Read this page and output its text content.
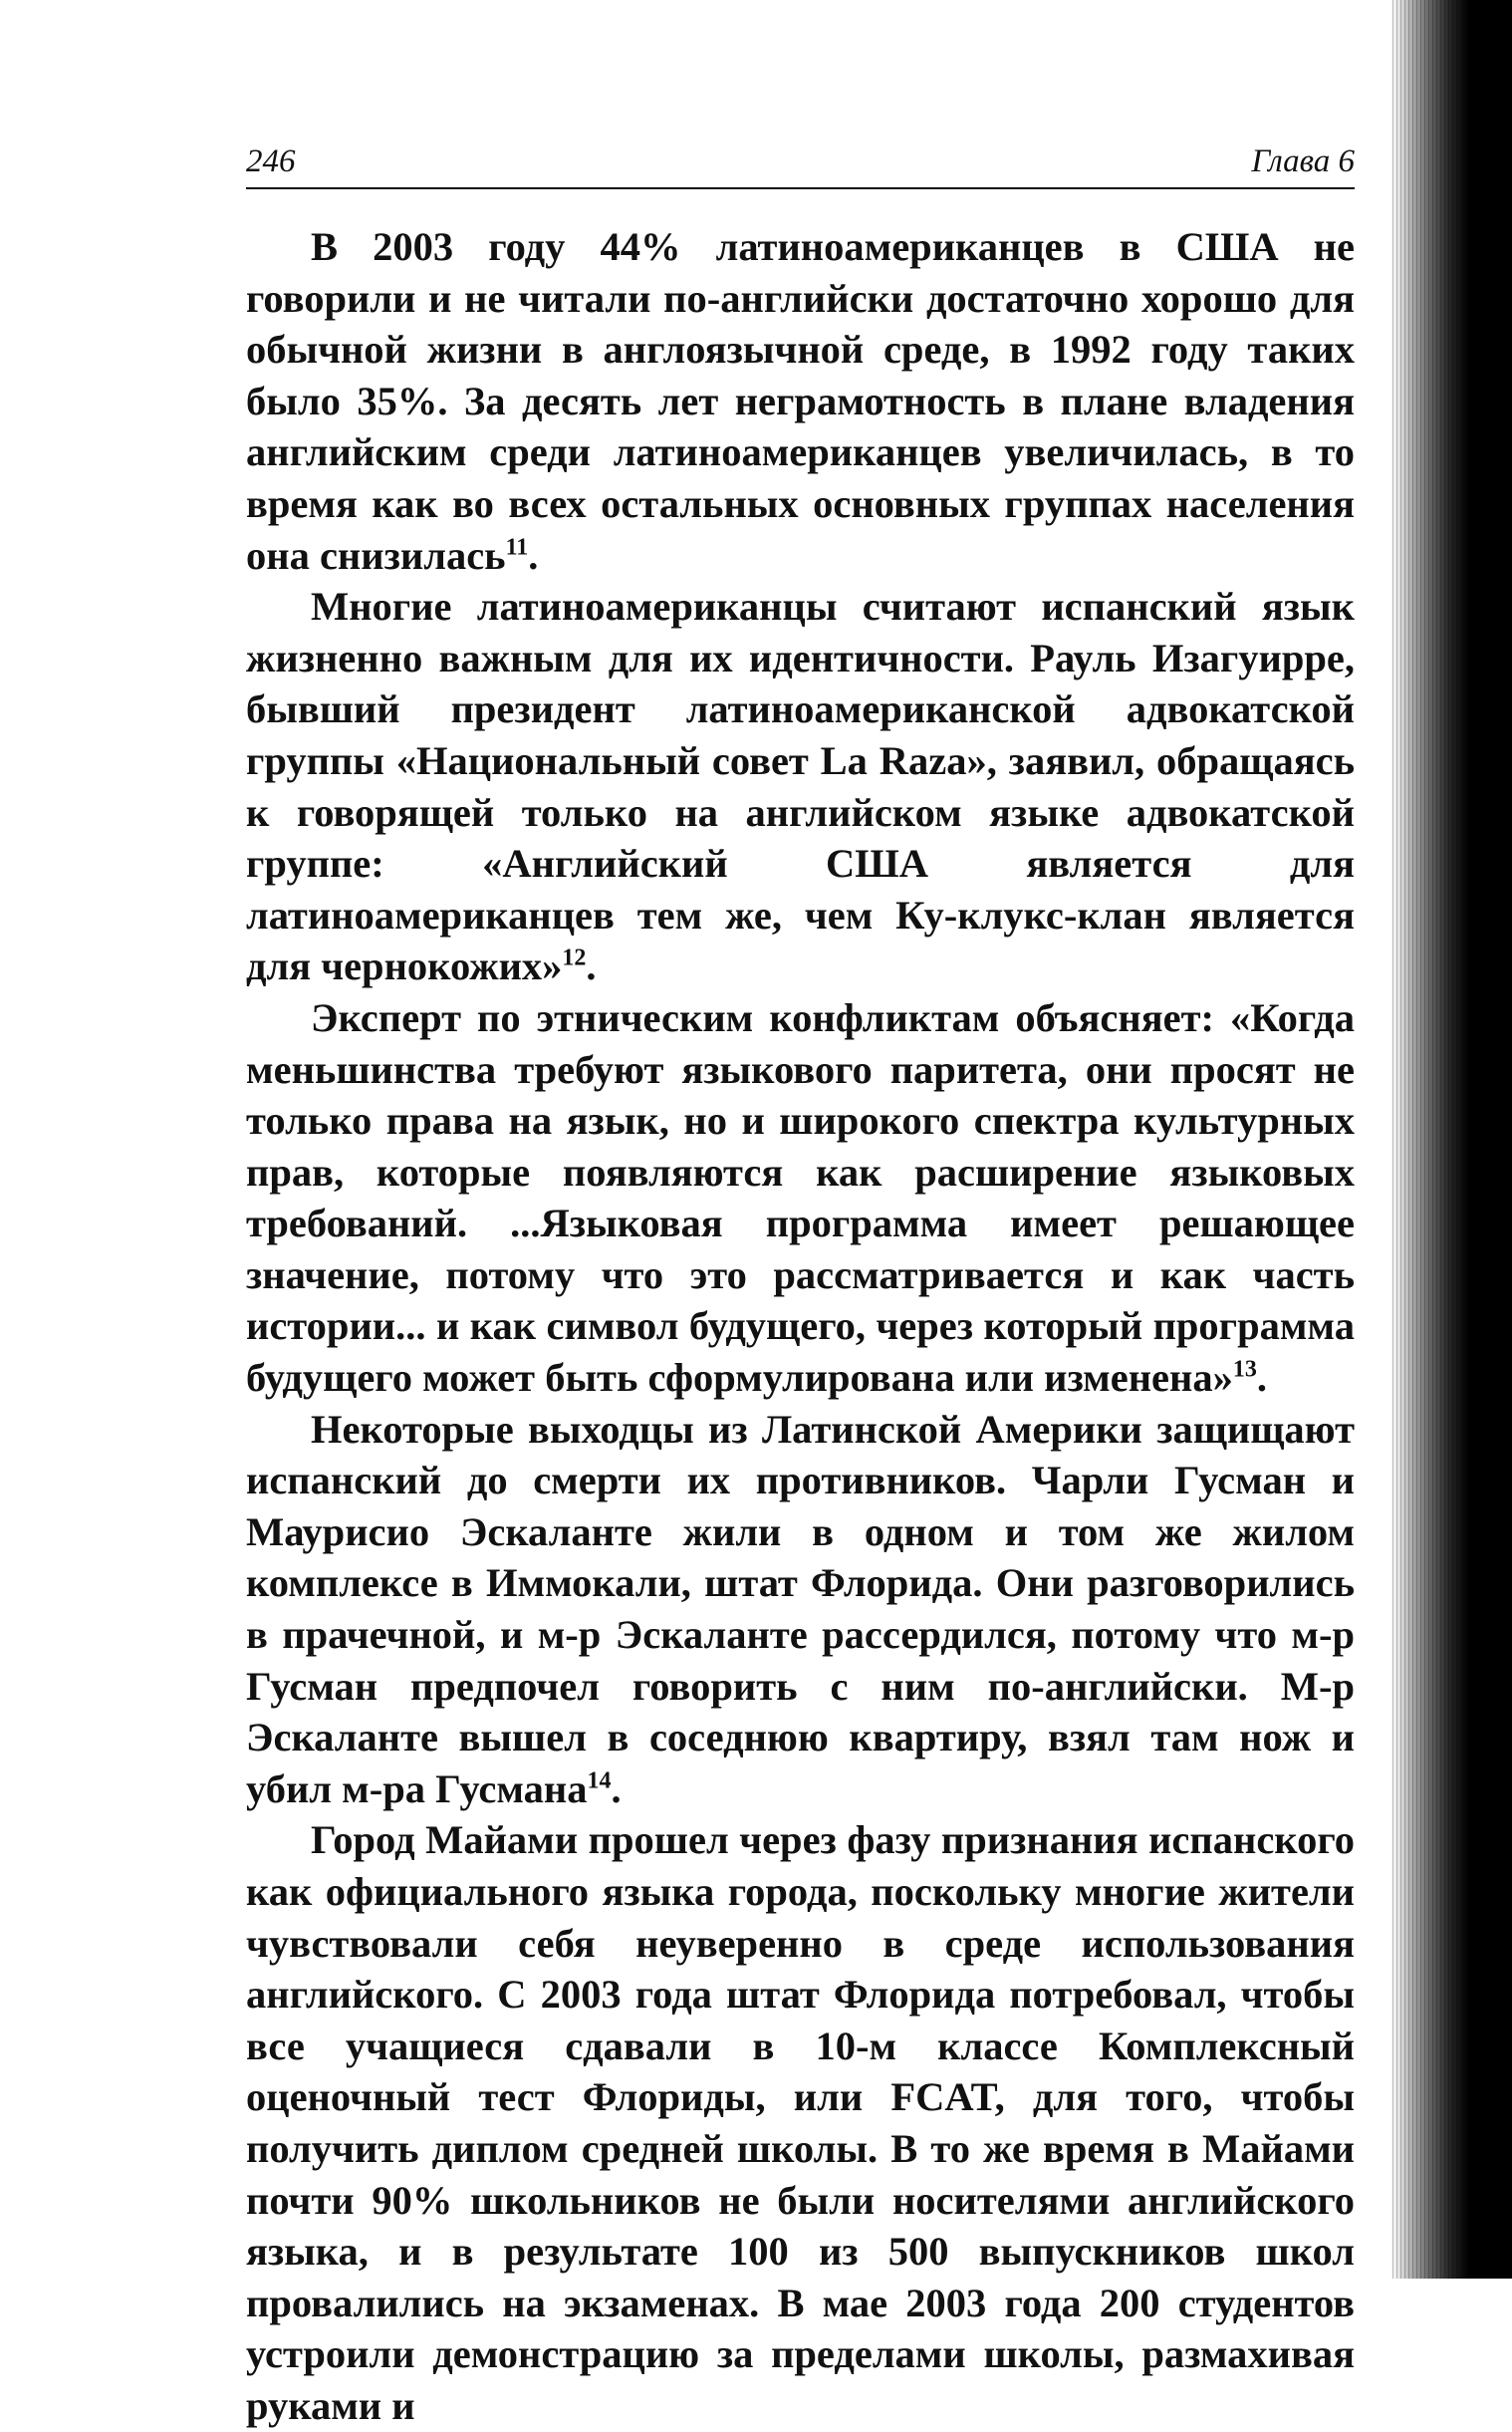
246	Глава 6

В 2003 году 44% латиноамериканцев в США не говорили и не читали по-английски достаточно хорошо для обычной жизни в англоязычной среде, в 1992 году таких было 35%. За десять лет неграмотность в плане владения английским среди латиноамериканцев увеличилась, в то время как во всех остальных основных группах населения она снизилась$^{11}$.

Многие латиноамериканцы считают испанский язык жизненно важным для их идентичности. Рауль Изагуирре, бывший президент латиноамериканской адвокатской группы «Национальный совет La Raza», заявил, обращаясь к говорящей только на английском языке адвокатской группе: «Английский США является для латиноамериканцев тем же, чем Ку-клукс-клан является для чернокожих»$^{12}$.

Эксперт по этническим конфликтам объясняет: «Когда меньшинства требуют языкового паритета, они просят не только права на язык, но и широкого спектра культурных прав, которые появляются как расширение языковых требований. ...Языковая программа имеет решающее значение, потому что это рассматривается и как часть истории... и как символ будущего, через который программа будущего может быть сформулирована или изменена»$^{13}$.

Некоторые выходцы из Латинской Америки защищают испанский до смерти их противников. Чарли Гусман и Маурисио Эскаланте жили в одном и том же жилом комплексе в Иммокали, штат Флорида. Они разговорились в прачечной, и м-р Эскаланте рассердился, потому что м-р Гусман предпочел говорить с ним по-английски. М-р Эскаланте вышел в соседнюю квартиру, взял там нож и убил м-ра Гусмана$^{14}$.

Город Майами прошел через фазу признания испанского как официального языка города, поскольку многие жители чувствовали себя неуверенно в среде использования английского. С 2003 года штат Флорида потребовал, чтобы все учащиеся сдавали в 10-м классе Комплексный оценочный тест Флориды, или FCAT, для того, чтобы получить диплом средней школы. В то же время в Майами почти 90% школьников не были носителями английского языка, и в результате 100 из 500 выпускников школ провалились на экзаменах. В мае 2003 года 200 студентов устроили демонстрацию за пределами школы, размахивая руками и
